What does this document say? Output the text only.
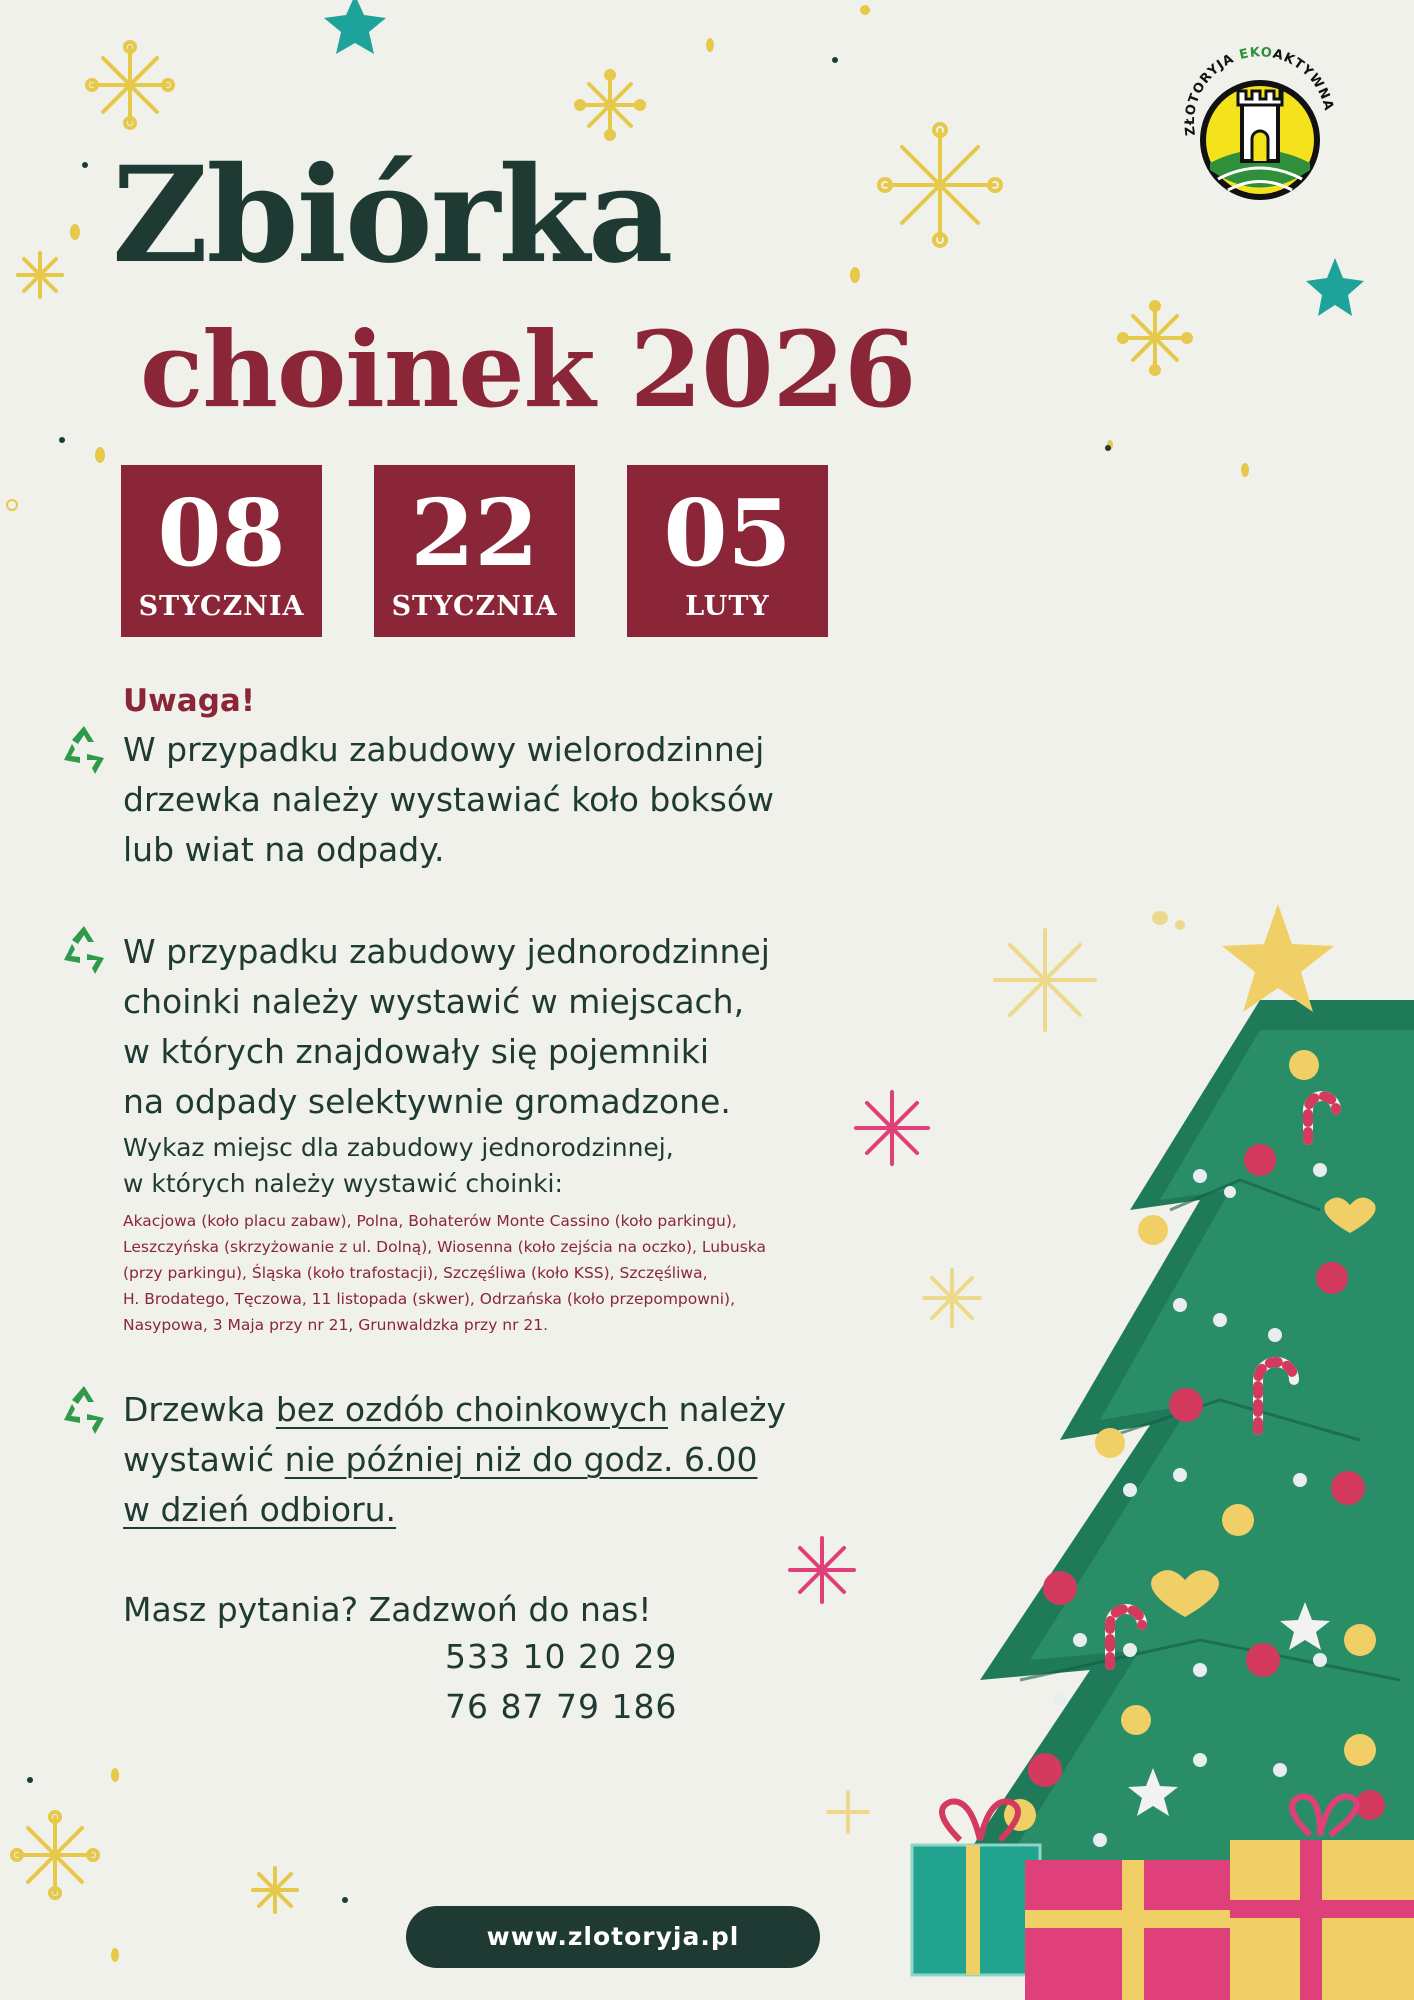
ZŁOTORYJA EKOAKTYWNA
Zbiórka
choinek 2026
08
STYCZNIA
22
STYCZNIA
05
LUTY
Uwaga!
W przypadku zabudowy wielorodzinnej
drzewka należy wystawiać koło boksów
lub wiat na odpady.
W przypadku zabudowy jednorodzinnej
choinki należy wystawić w miejscach,
w których znajdowały się pojemniki
na odpady selektywnie gromadzone.
Wykaz miejsc dla zabudowy jednorodzinnej,
w których należy wystawić choinki:
Akacjowa (koło placu zabaw), Polna, Bohaterów Monte Cassino (koło parkingu),
Leszczyńska (skrzyżowanie z ul. Dolną), Wiosenna (koło zejścia na oczko), Lubuska
(przy parkingu), Śląska (koło trafostacji), Szczęśliwa (koło KSS), Szczęśliwa,
H. Brodatego, Tęczowa, 11 listopada (skwer), Odrzańska (koło przepompowni),
Nasypowa, 3 Maja przy nr 21, Grunwaldzka przy nr 21.
Drzewka bez ozdób choinkowych należy
wystawić nie później niż do godz. 6.00
w dzień odbioru.
Masz pytania? Zadzwoń do nas!
533 10 20 29
76 87 79 186
www.zlotoryja.pl
